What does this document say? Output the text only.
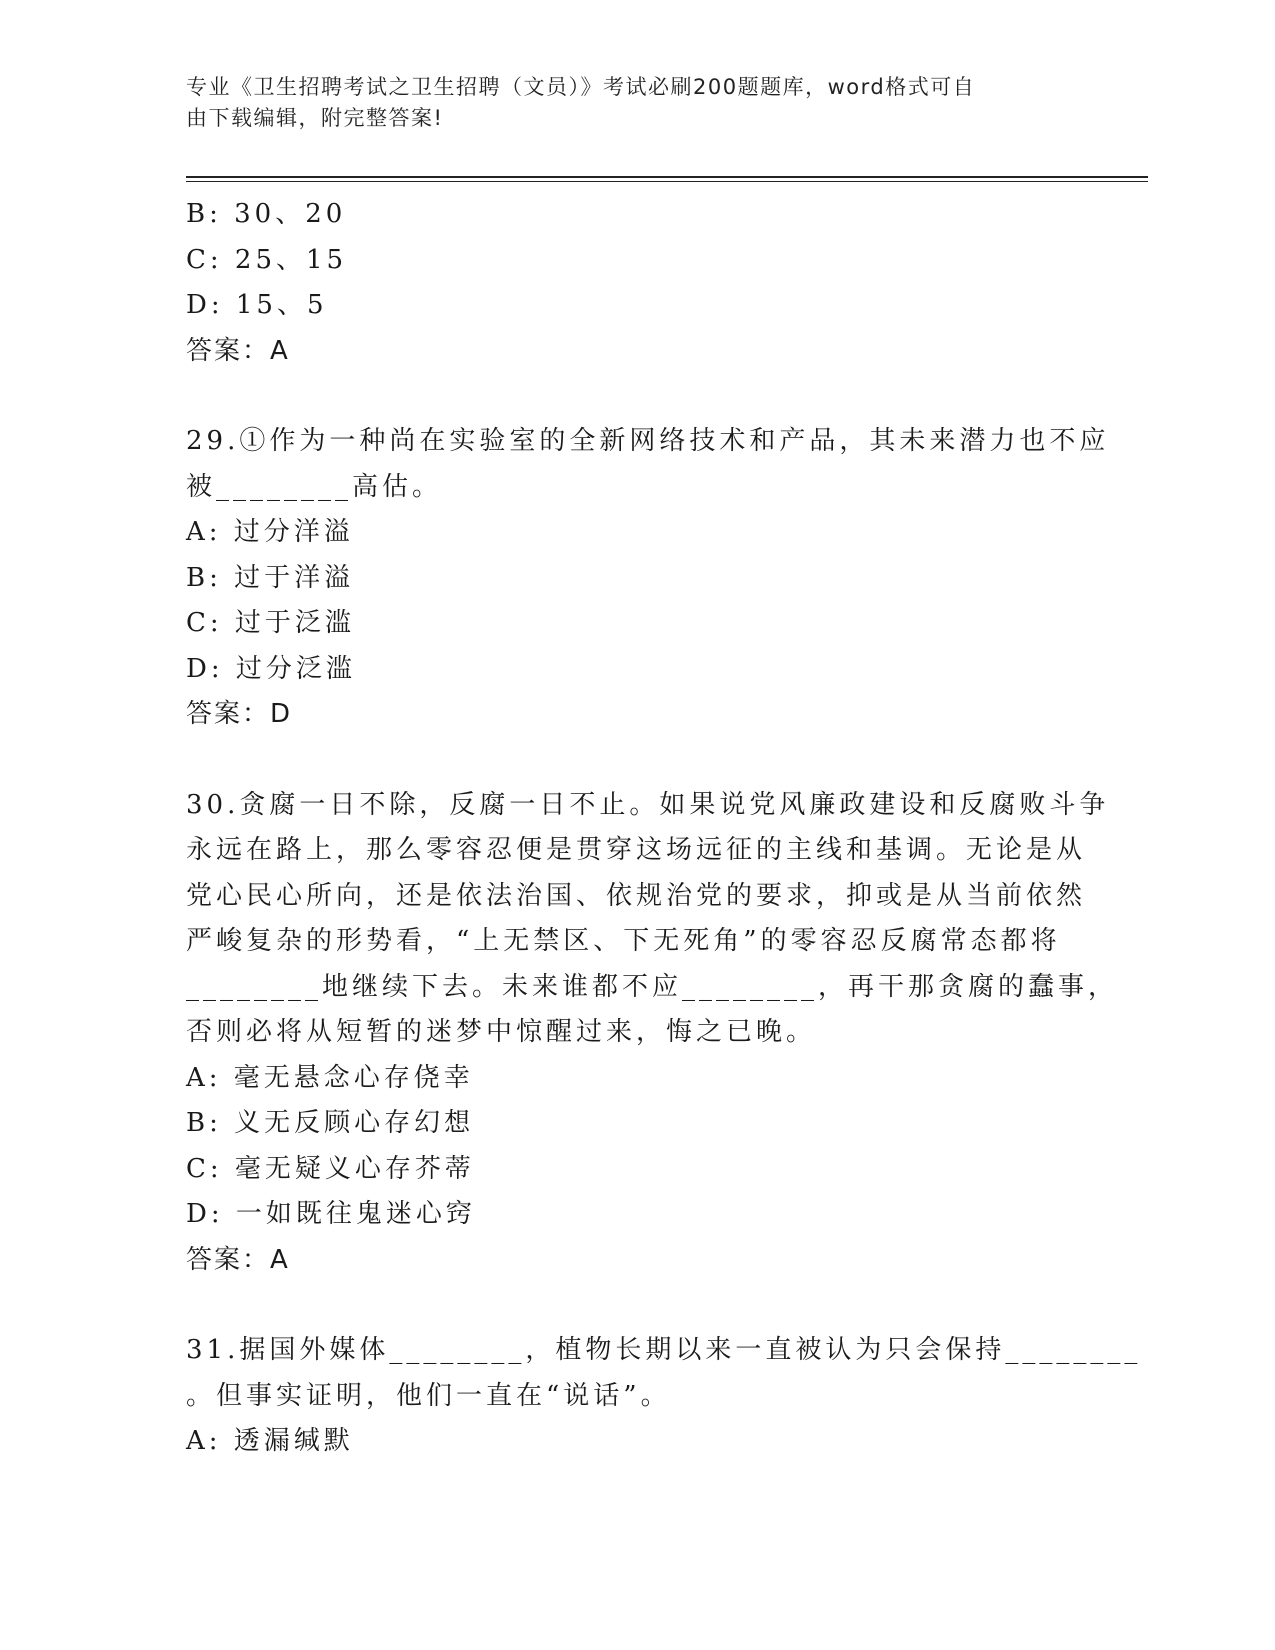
专业《卫生招聘考试之卫生招聘（文员）》考试必刷200题题库，word格式可自
由下载编辑，附完整答案!
B: 30、20
C: 25、15
D: 15、5
答案：A
29.①作为一种尚在实验室的全新网络技术和产品，其未来潜力也不应
被________高估。
A: 过分洋溢
B: 过于洋溢
C: 过于泛滥
D: 过分泛滥
答案：D
30.贪腐一日不除，反腐一日不止。如果说党风廉政建设和反腐败斗争
永远在路上，那么零容忍便是贯穿这场远征的主线和基调。无论是从
党心民心所向，还是依法治国、依规治党的要求，抑或是从当前依然
严峻复杂的形势看，“上无禁区、下无死角”的零容忍反腐常态都将
________地继续下去。未来谁都不应________，再干那贪腐的蠢事，
否则必将从短暂的迷梦中惊醒过来，悔之已晚。
A: 毫无悬念心存侥幸
B: 义无反顾心存幻想
C: 毫无疑义心存芥蒂
D: 一如既往鬼迷心窍
答案：A
31.据国外媒体________，植物长期以来一直被认为只会保持________
。但事实证明，他们一直在“说话”。
A: 透漏缄默
